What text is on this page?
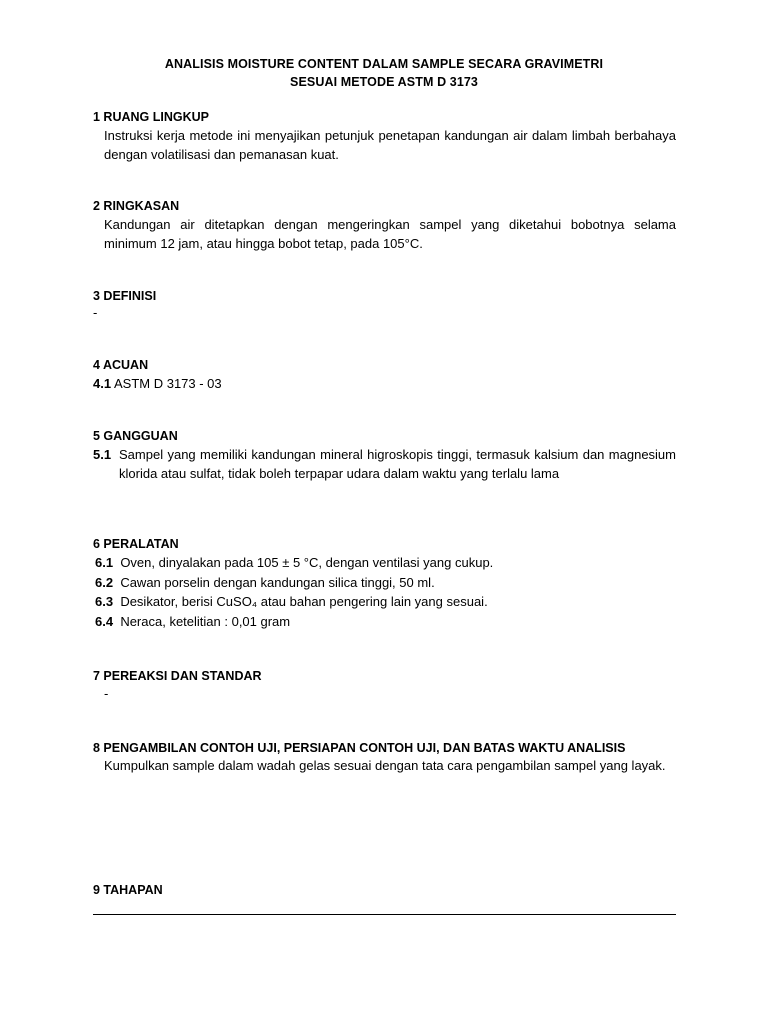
ANALISIS MOISTURE CONTENT DALAM SAMPLE SECARA GRAVIMETRI
SESUAI METODE ASTM D 3173
1 RUANG LINGKUP
Instruksi kerja metode ini menyajikan petunjuk penetapan kandungan air dalam limbah berbahaya dengan volatilisasi dan pemanasan kuat.
2 RINGKASAN
Kandungan air ditetapkan dengan mengeringkan sampel yang diketahui bobotnya selama minimum 12 jam, atau hingga bobot tetap, pada 105°C.
3 DEFINISI
-
4 ACUAN
4.1 ASTM D 3173 - 03
5 GANGGUAN
5.1 Sampel yang memiliki kandungan mineral higroskopis tinggi, termasuk kalsium dan magnesium klorida atau sulfat, tidak boleh terpapar udara dalam waktu yang terlalu lama
6 PERALATAN
6.1 Oven, dinyalakan pada 105 ± 5 °C, dengan ventilasi yang cukup.
6.2 Cawan porselin dengan kandungan silica tinggi, 50 ml.
6.3 Desikator, berisi CuSO₄ atau bahan pengering lain yang sesuai.
6.4 Neraca, ketelitian : 0,01 gram
7 PEREAKSI DAN STANDAR
-
8 PENGAMBILAN CONTOH UJI, PERSIAPAN CONTOH UJI, DAN BATAS WAKTU ANALISIS
Kumpulkan sample dalam wadah gelas sesuai dengan tata cara pengambilan sampel yang layak.
9 TAHAPAN
